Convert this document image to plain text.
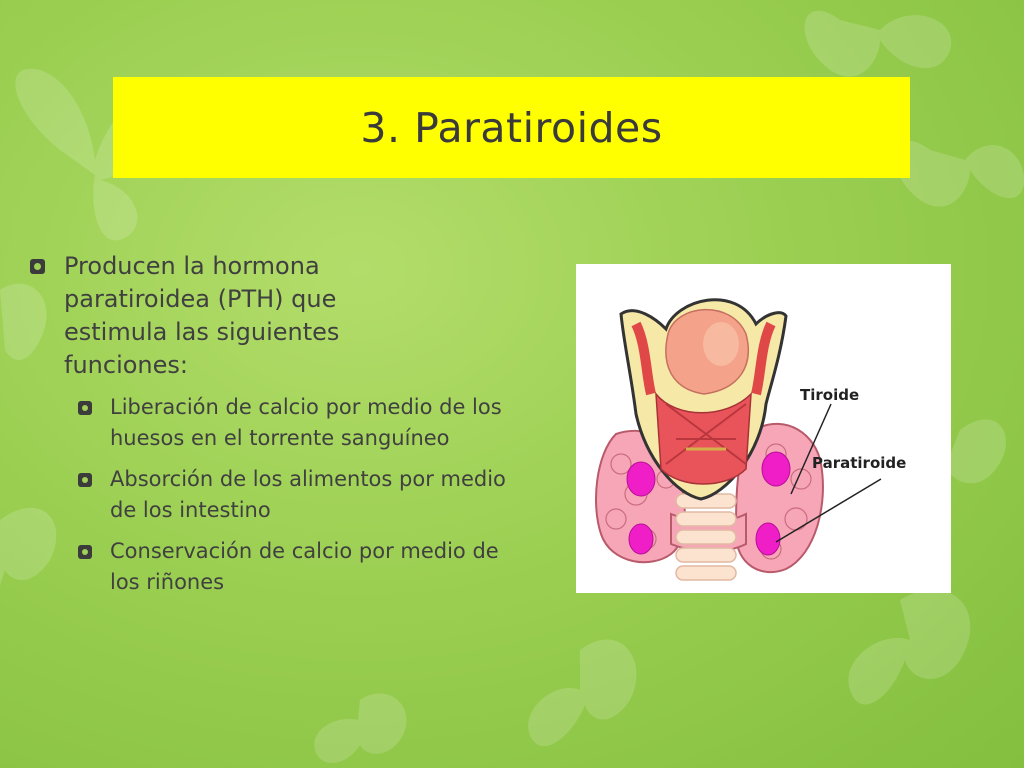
3. Paratiroides
Producen la hormona paratiroidea (PTH) que estimula las siguientes funciones:
Liberación de calcio por medio de los huesos en el torrente sanguíneo
Absorción de los alimentos por medio de los intestino
Conservación de calcio por medio de los riñones
Tiroide
Paratiroide
